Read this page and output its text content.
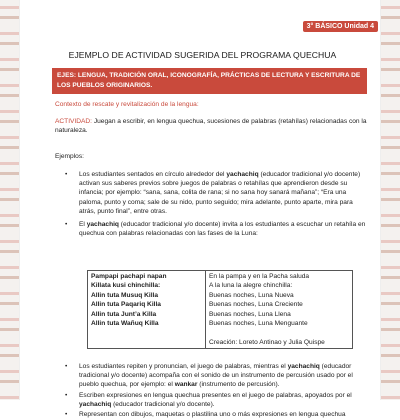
3° BÁSICO Unidad 4
EJEMPLO DE ACTIVIDAD SUGERIDA DEL PROGRAMA QUECHUA
EJES: LENGUA, TRADICIÓN ORAL, ICONOGRAFÍA, PRÁCTICAS DE LECTURA Y ESCRITURA DE
LOS PUEBLOS ORIGINARIOS.
Contexto de rescate y revitalización de la lengua:
ACTIVIDAD: Juegan a escribir, en lengua quechua, sucesiones de palabras (retahílas) relacionadas con la naturaleza.
Ejemplos:
• Los estudiantes sentados en círculo alrededor del yachachiq (educador tradicional y/o docente) activan sus saberes previos sobre juegos de palabras o retahílas que aprendieron desde su infancia; por ejemplo: “sana, sana, colita de rana; si no sana hoy sanará mañana”; “Era una paloma, punto y coma; sale de su nido, punto seguido; mira adelante, punto aparte, mira para atrás, punto final”, entre otras.
• El yachachiq (educador tradicional y/o docente) invita a los estudiantes a escuchar un retahíla en quechua con palabras relacionadas con las fases de la Luna:
Pampapi pachapi napan
Killata kusi chinchilla:
Allin tuta Musuq Killa
Allin tuta Paqariq Killa
Allin tuta Junt’a Killa
Allin tuta Wañuq Killa

En la pampa y en la Pacha saluda
A la luna la alegre chinchilla:
Buenas noches, Luna Nueva
Buenas noches, Luna Creciente
Buenas noches, Luna Llena
Buenas noches, Luna Menguante
Creación: Loreto Antinao y Julia Quispe
• Los estudiantes repiten y pronuncian, el juego de palabras, mientras el yachachiq (educador tradicional y/o docente) acompaña con el sonido de un instrumento de percusión usado por el pueblo quechua, por ejemplo: el wankar (instrumento de percusión).
• Escriben expresiones en lengua quechua presentes en el juego de palabras, apoyados por el yachachiq (educador tradicional y/o docente).
• Representan con dibujos, maquetas o plastilina uno o más expresiones en lengua quechua
